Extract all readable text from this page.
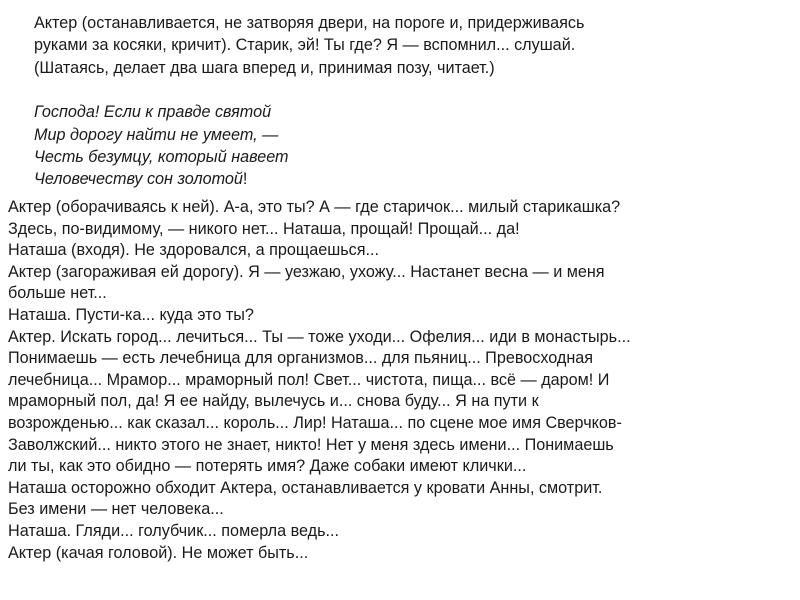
Актер (останавливается, не затворяя двери, на пороге и, придерживаясь

руками за косяки, кричит). Старик, эй! Ты где? Я — вспомнил... слушай.

(Шатаясь, делает два шага вперед и, принимая позу, читает.)

Господа! Если к правде святой

Мир дорогу найти не умеет, —

Честь безумцу, который навеет

Человечеству сон золотой!

Актер (оборачиваясь к ней). А-а, это ты? А — где старичок... милый старикашка?

Здесь, по-видимому, — никого нет... Наташа, прощай! Прощай... да!

Наташа (входя). Не здоровался, а прощаешься...

Актер (загораживая ей дорогу). Я — уезжаю, ухожу... Настанет весна — и меня

больше нет...

Наташа. Пусти-ка... куда это ты?

Актер. Искать город... лечиться... Ты — тоже уходи... Офелия... иди в монастырь...

Понимаешь — есть лечебница для организмов... для пьяниц... Превосходная

лечебница... Мрамор... мраморный пол! Свет... чистота, пища... всё — даром! И

мраморный пол, да! Я ее найду, вылечусь и... снова буду... Я на пути к

возрожденью... как сказал... король... Лир! Наташа... по сцене мое имя Сверчков-

Заволжский... никто этого не знает, никто! Нет у меня здесь имени... Понимаешь

ли ты, как это обидно — потерять имя? Даже собаки имеют клички...

Наташа осторожно обходит Актера, останавливается у кровати Анны, смотрит.

Без имени — нет человека...

Наташа. Гляди... голубчик... померла ведь...

Актер (качая головой). Не может быть...
